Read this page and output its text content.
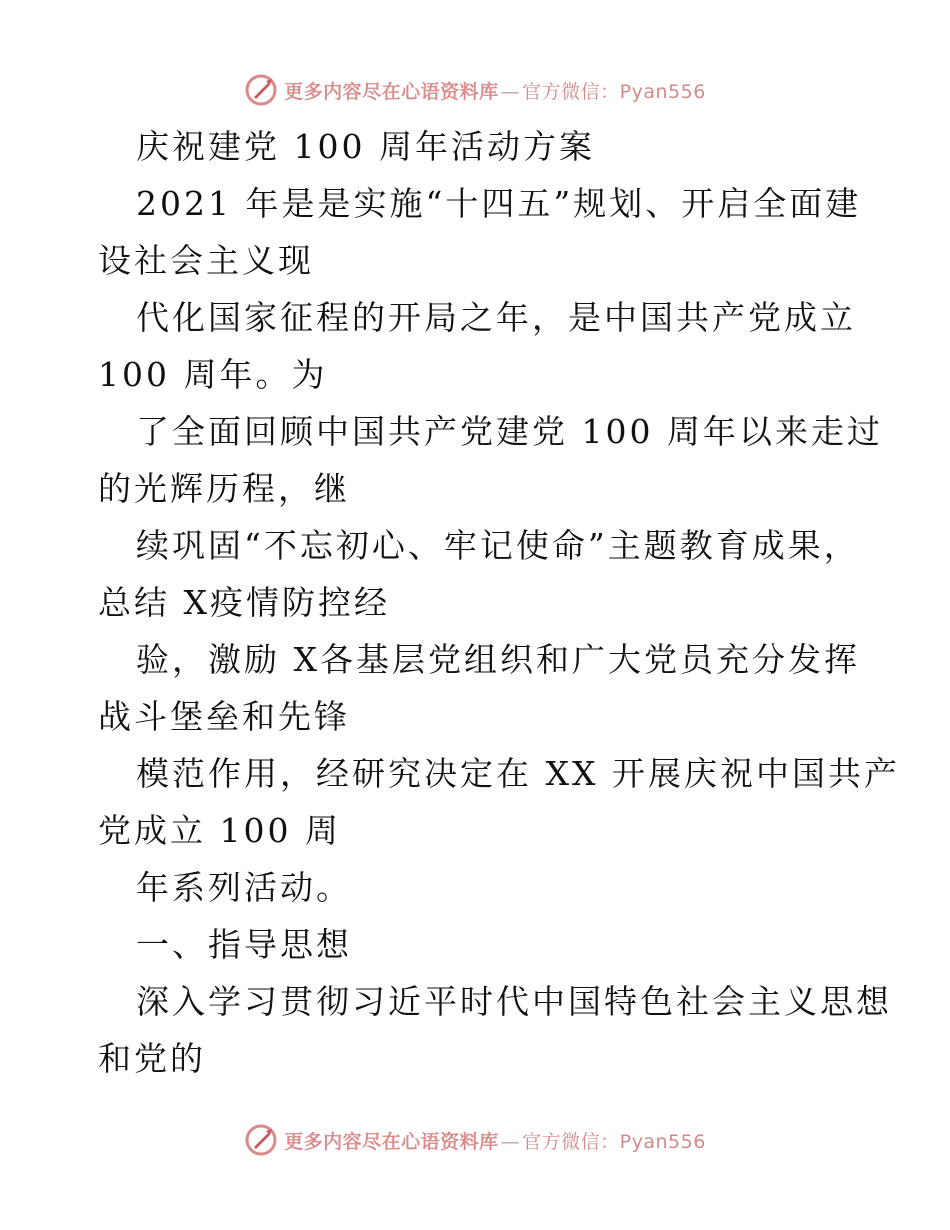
更多内容尽在心语资料库 — 官方微信：Pyan556
庆祝建党 100 周年活动方案
2021 年是是实施“十四五”规划、开启全面建
设社会主义现
代化国家征程的开局之年，是中国共产党成立
100 周年。为
了全面回顾中国共产党建党 100 周年以来走过
的光辉历程，继
续巩固“不忘初心、牢记使命”主题教育成果，
总结 X疫情防控经
验，激励 X各基层党组织和广大党员充分发挥
战斗堡垒和先锋
模范作用，经研究决定在 XX 开展庆祝中国共产
党成立 100 周
年系列活动。
一、指导思想
深入学习贯彻习近平时代中国特色社会主义思想
和党的
更多内容尽在心语资料库 — 官方微信：Pyan556
